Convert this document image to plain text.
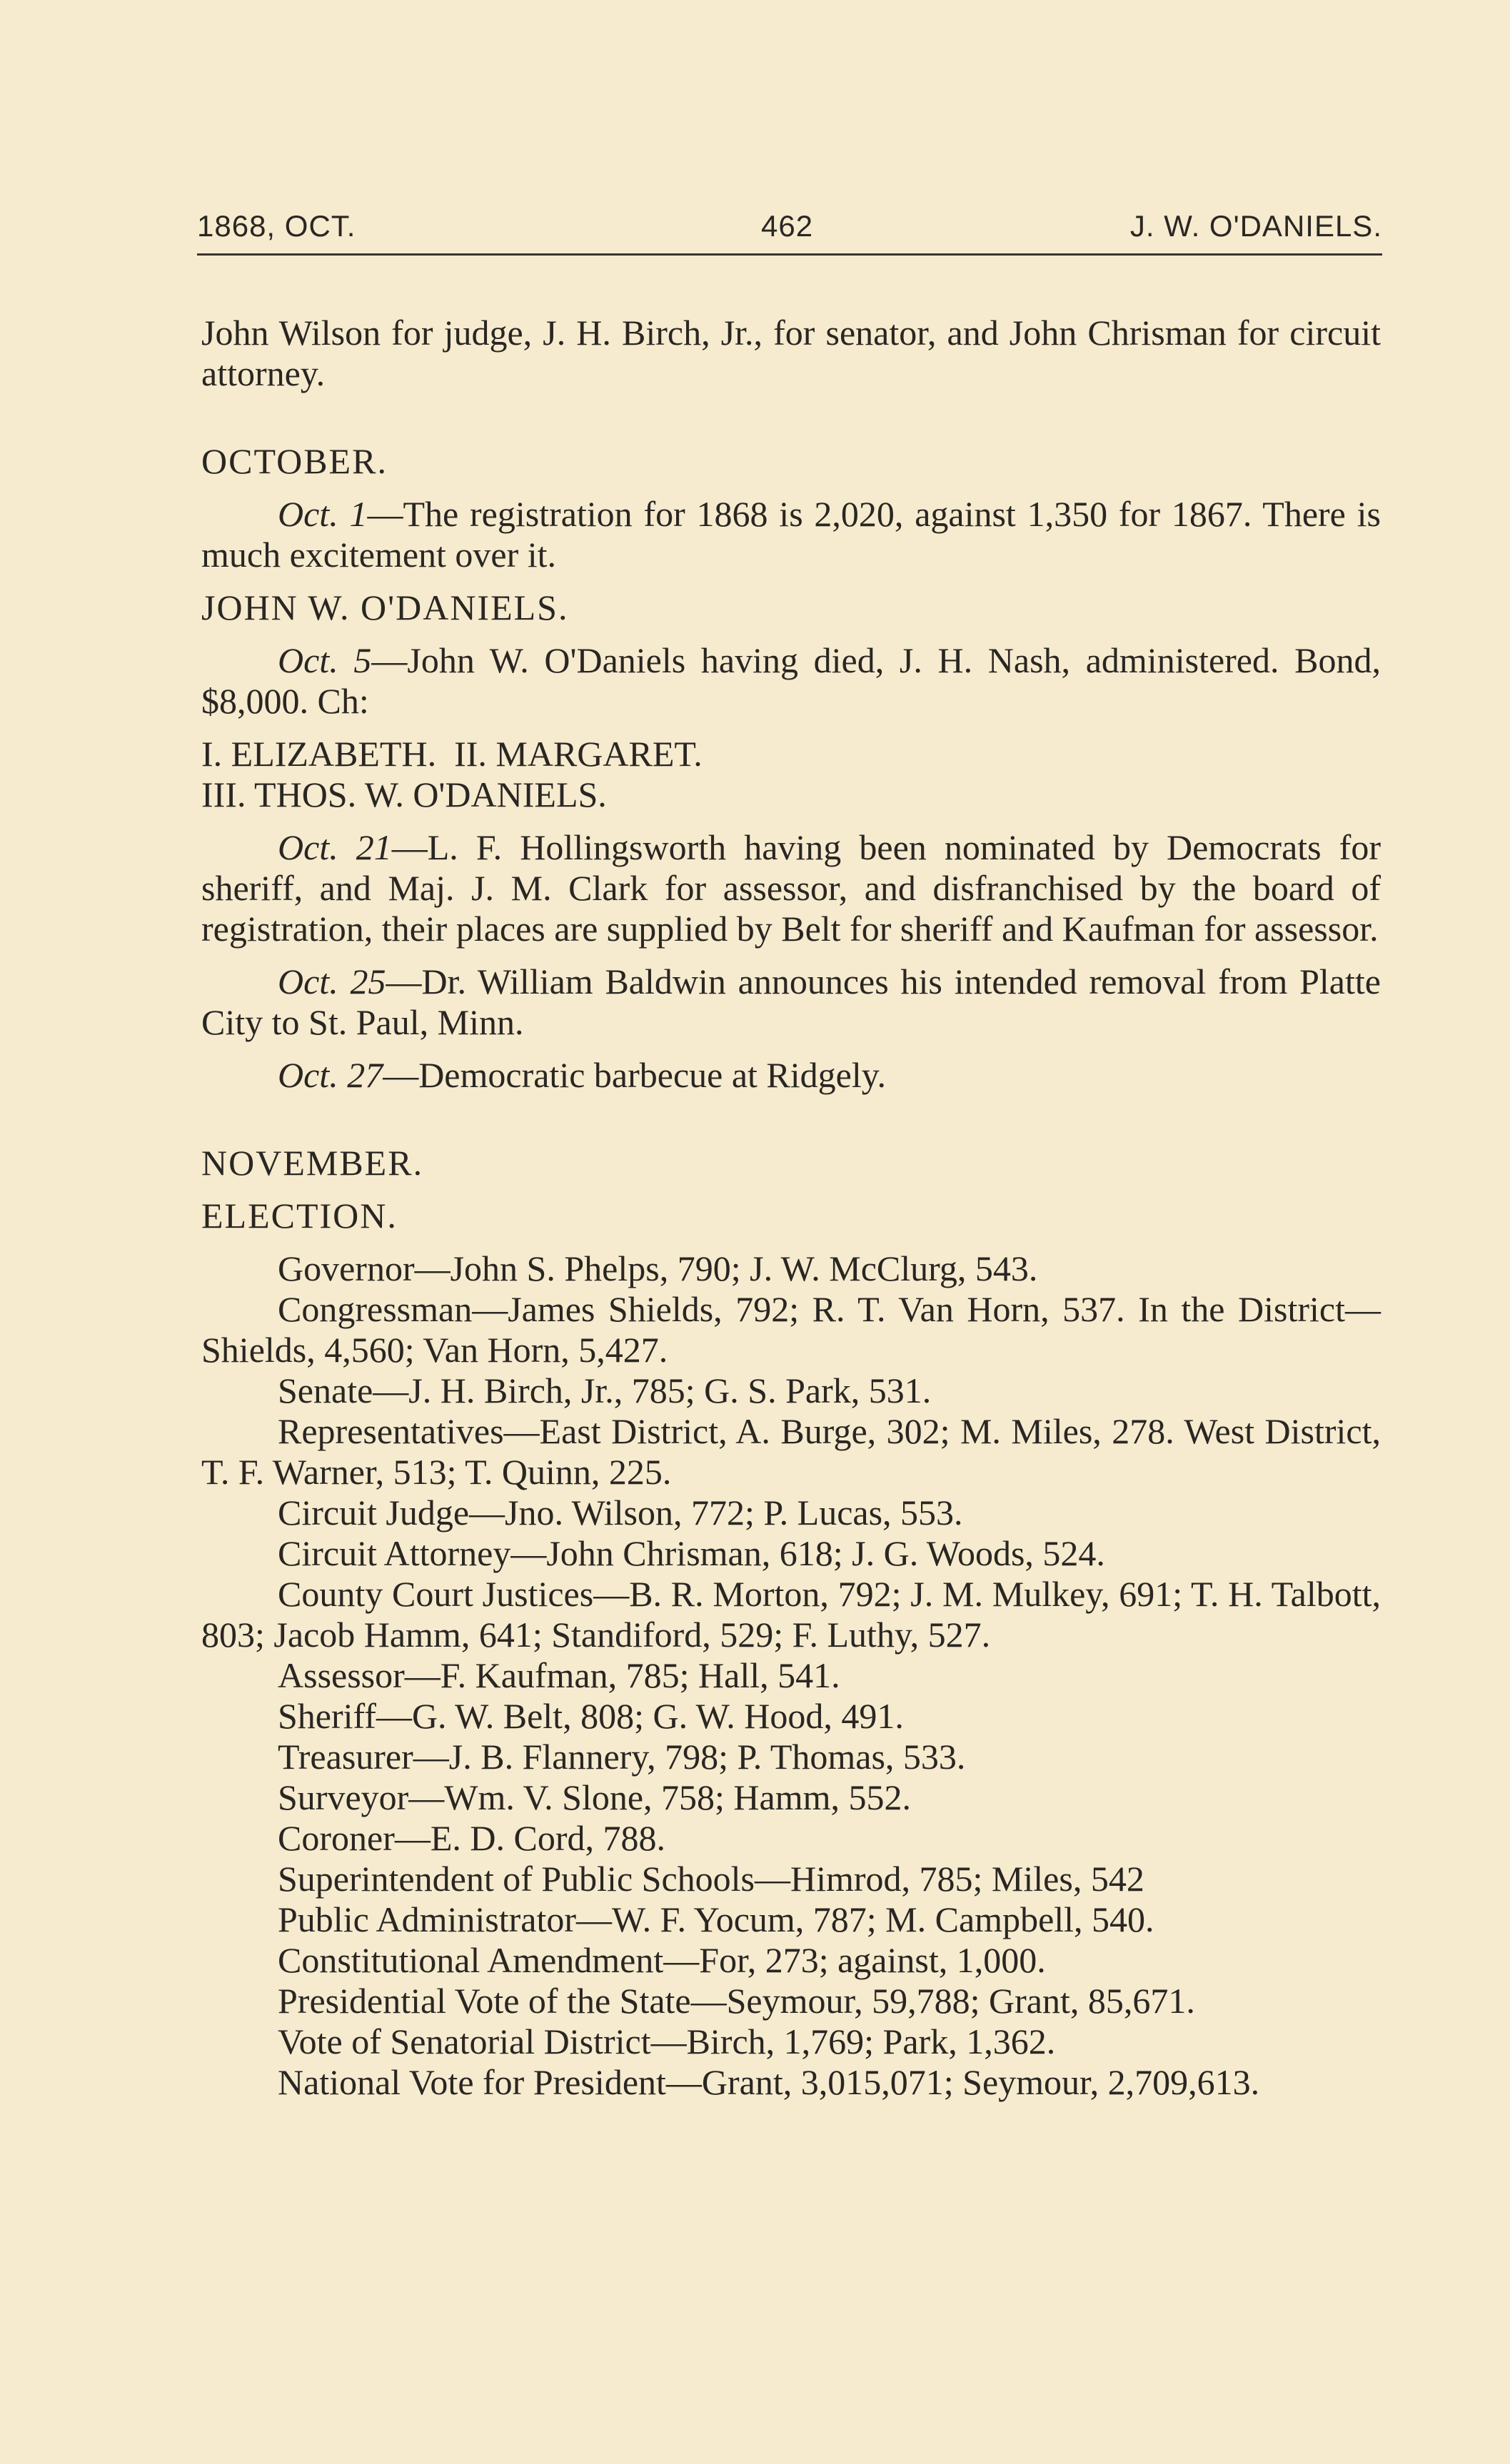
1868, OCT.	462	J. W. O'DANIELS.

John Wilson for judge, J. H. Birch, Jr., for senator, and John Chrisman for circuit attorney.

OCTOBER.

Oct. 1—The registration for 1868 is 2,020, against 1,350 for 1867. There is much excitement over it.

JOHN W. O'DANIELS.

Oct. 5—John W. O'Daniels having died, J. H. Nash, administered. Bond, $8,000. Ch:

I. ELIZABETH.  II. MARGARET.

III. THOS. W. O'DANIELS.

Oct. 21—L. F. Hollingsworth having been nominated by Democrats for sheriff, and Maj. J. M. Clark for assessor, and disfranchised by the board of registration, their places are supplied by Belt for sheriff and Kaufman for assessor.

Oct. 25—Dr. William Baldwin announces his intended removal from Platte City to St. Paul, Minn.

Oct. 27—Democratic barbecue at Ridgely.

NOVEMBER.

ELECTION.

Governor—John S. Phelps, 790; J. W. McClurg, 543.

Congressman—James Shields, 792; R. T. Van Horn, 537. In the District—Shields, 4,560; Van Horn, 5,427.

Senate—J. H. Birch, Jr., 785; G. S. Park, 531.

Representatives—East District, A. Burge, 302; M. Miles, 278. West District, T. F. Warner, 513; T. Quinn, 225.

Circuit Judge—Jno. Wilson, 772; P. Lucas, 553.

Circuit Attorney—John Chrisman, 618; J. G. Woods, 524.

County Court Justices—B. R. Morton, 792; J. M. Mulkey, 691; T. H. Talbott, 803; Jacob Hamm, 641; Standiford, 529; F. Luthy, 527.

Assessor—F. Kaufman, 785; Hall, 541.

Sheriff—G. W. Belt, 808; G. W. Hood, 491.

Treasurer—J. B. Flannery, 798; P. Thomas, 533.

Surveyor—Wm. V. Slone, 758; Hamm, 552.

Coroner—E. D. Cord, 788.

Superintendent of Public Schools—Himrod, 785; Miles, 542

Public Administrator—W. F. Yocum, 787; M. Campbell, 540.

Constitutional Amendment—For, 273; against, 1,000.

Presidential Vote of the State—Seymour, 59,788; Grant, 85,671.

Vote of Senatorial District—Birch, 1,769; Park, 1,362.

National Vote for President—Grant, 3,015,071; Seymour, 2,709,613.
